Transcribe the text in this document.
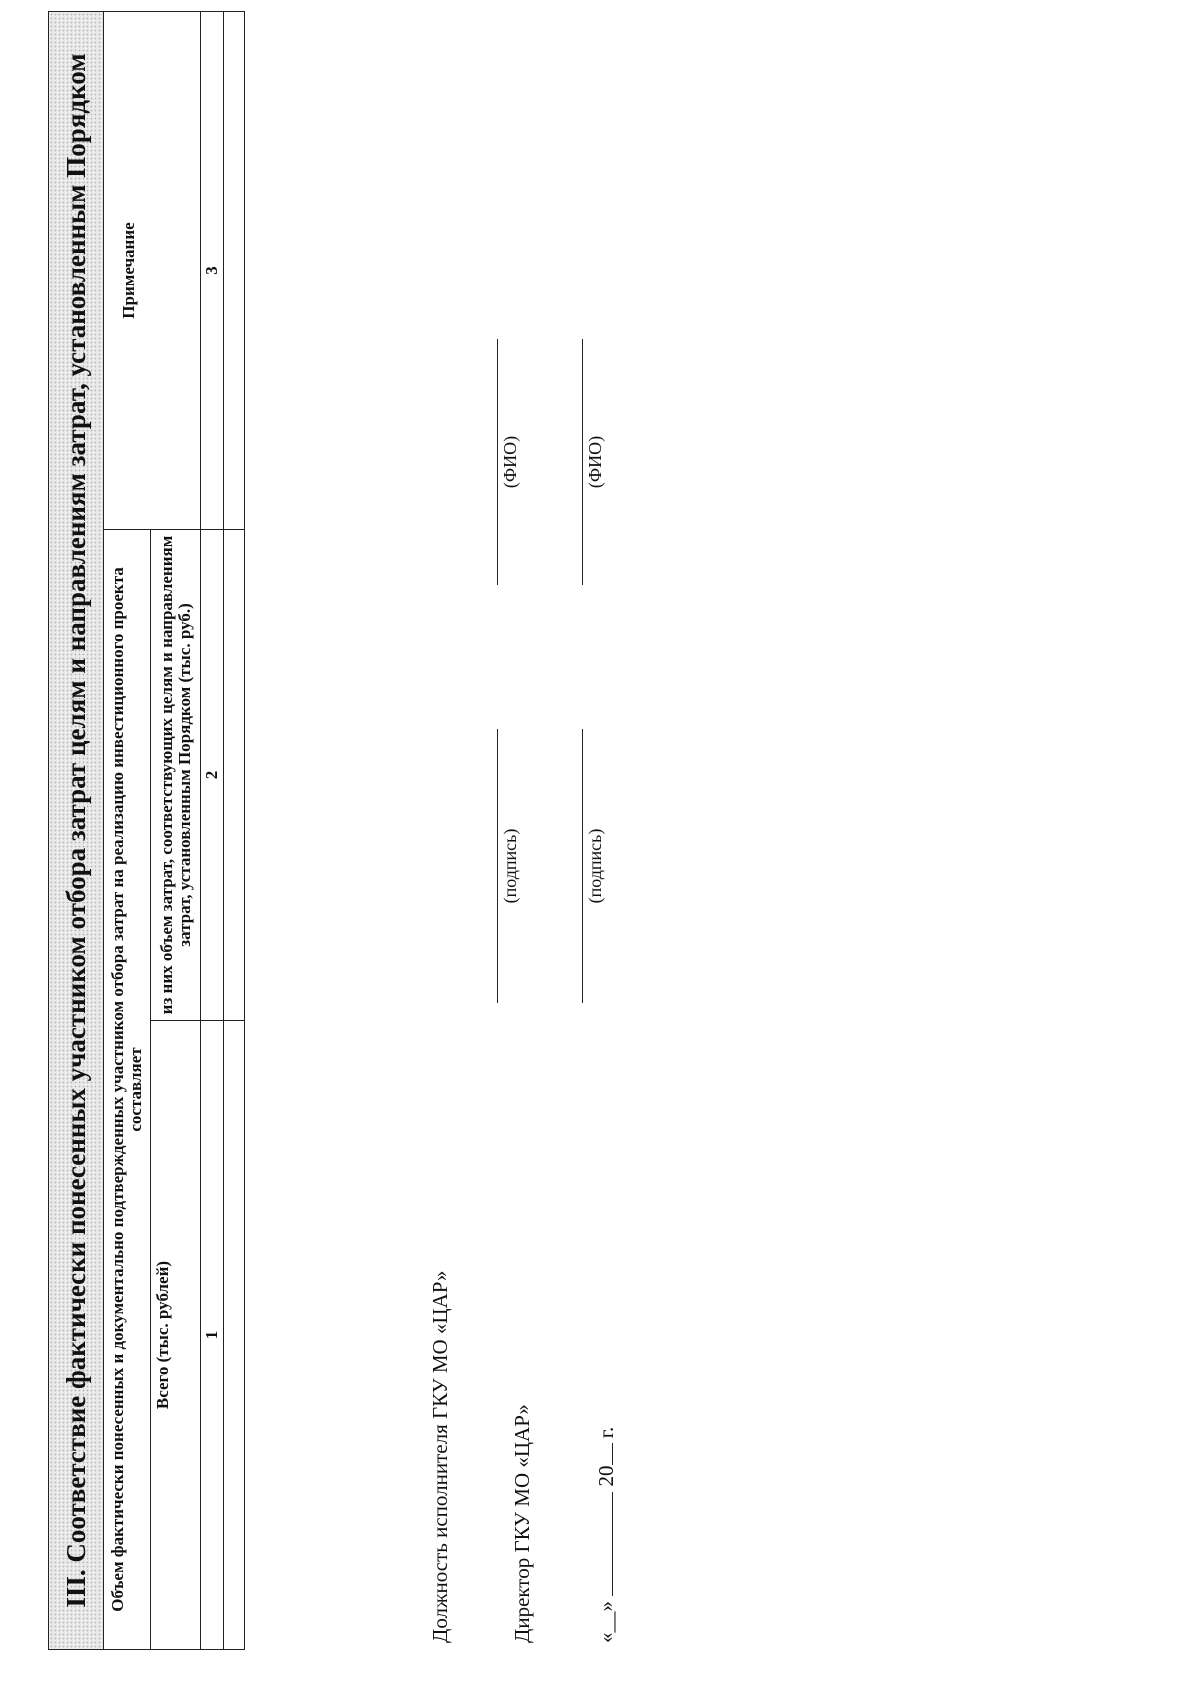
III. Соответствие фактически понесенных участником отбора затрат целям и направлениям затрат, установленным Порядком		
Объем фактически понесенных и документально подтвержденных участником отбора затрат на реализацию инвестиционного проекта составляет		Примечание
Всего (тыс. рублей)	из них объем затрат, соответствующих целям и направлениям затрат, установленным Порядком (тыс. руб.)	
1	2	3

Должность исполнителя ГКУ МО «ЦАР»
(подпись)
(ФИО)
Директор ГКУ МО «ЦАР»
(подпись)
(ФИО)
«__»  20 г.
